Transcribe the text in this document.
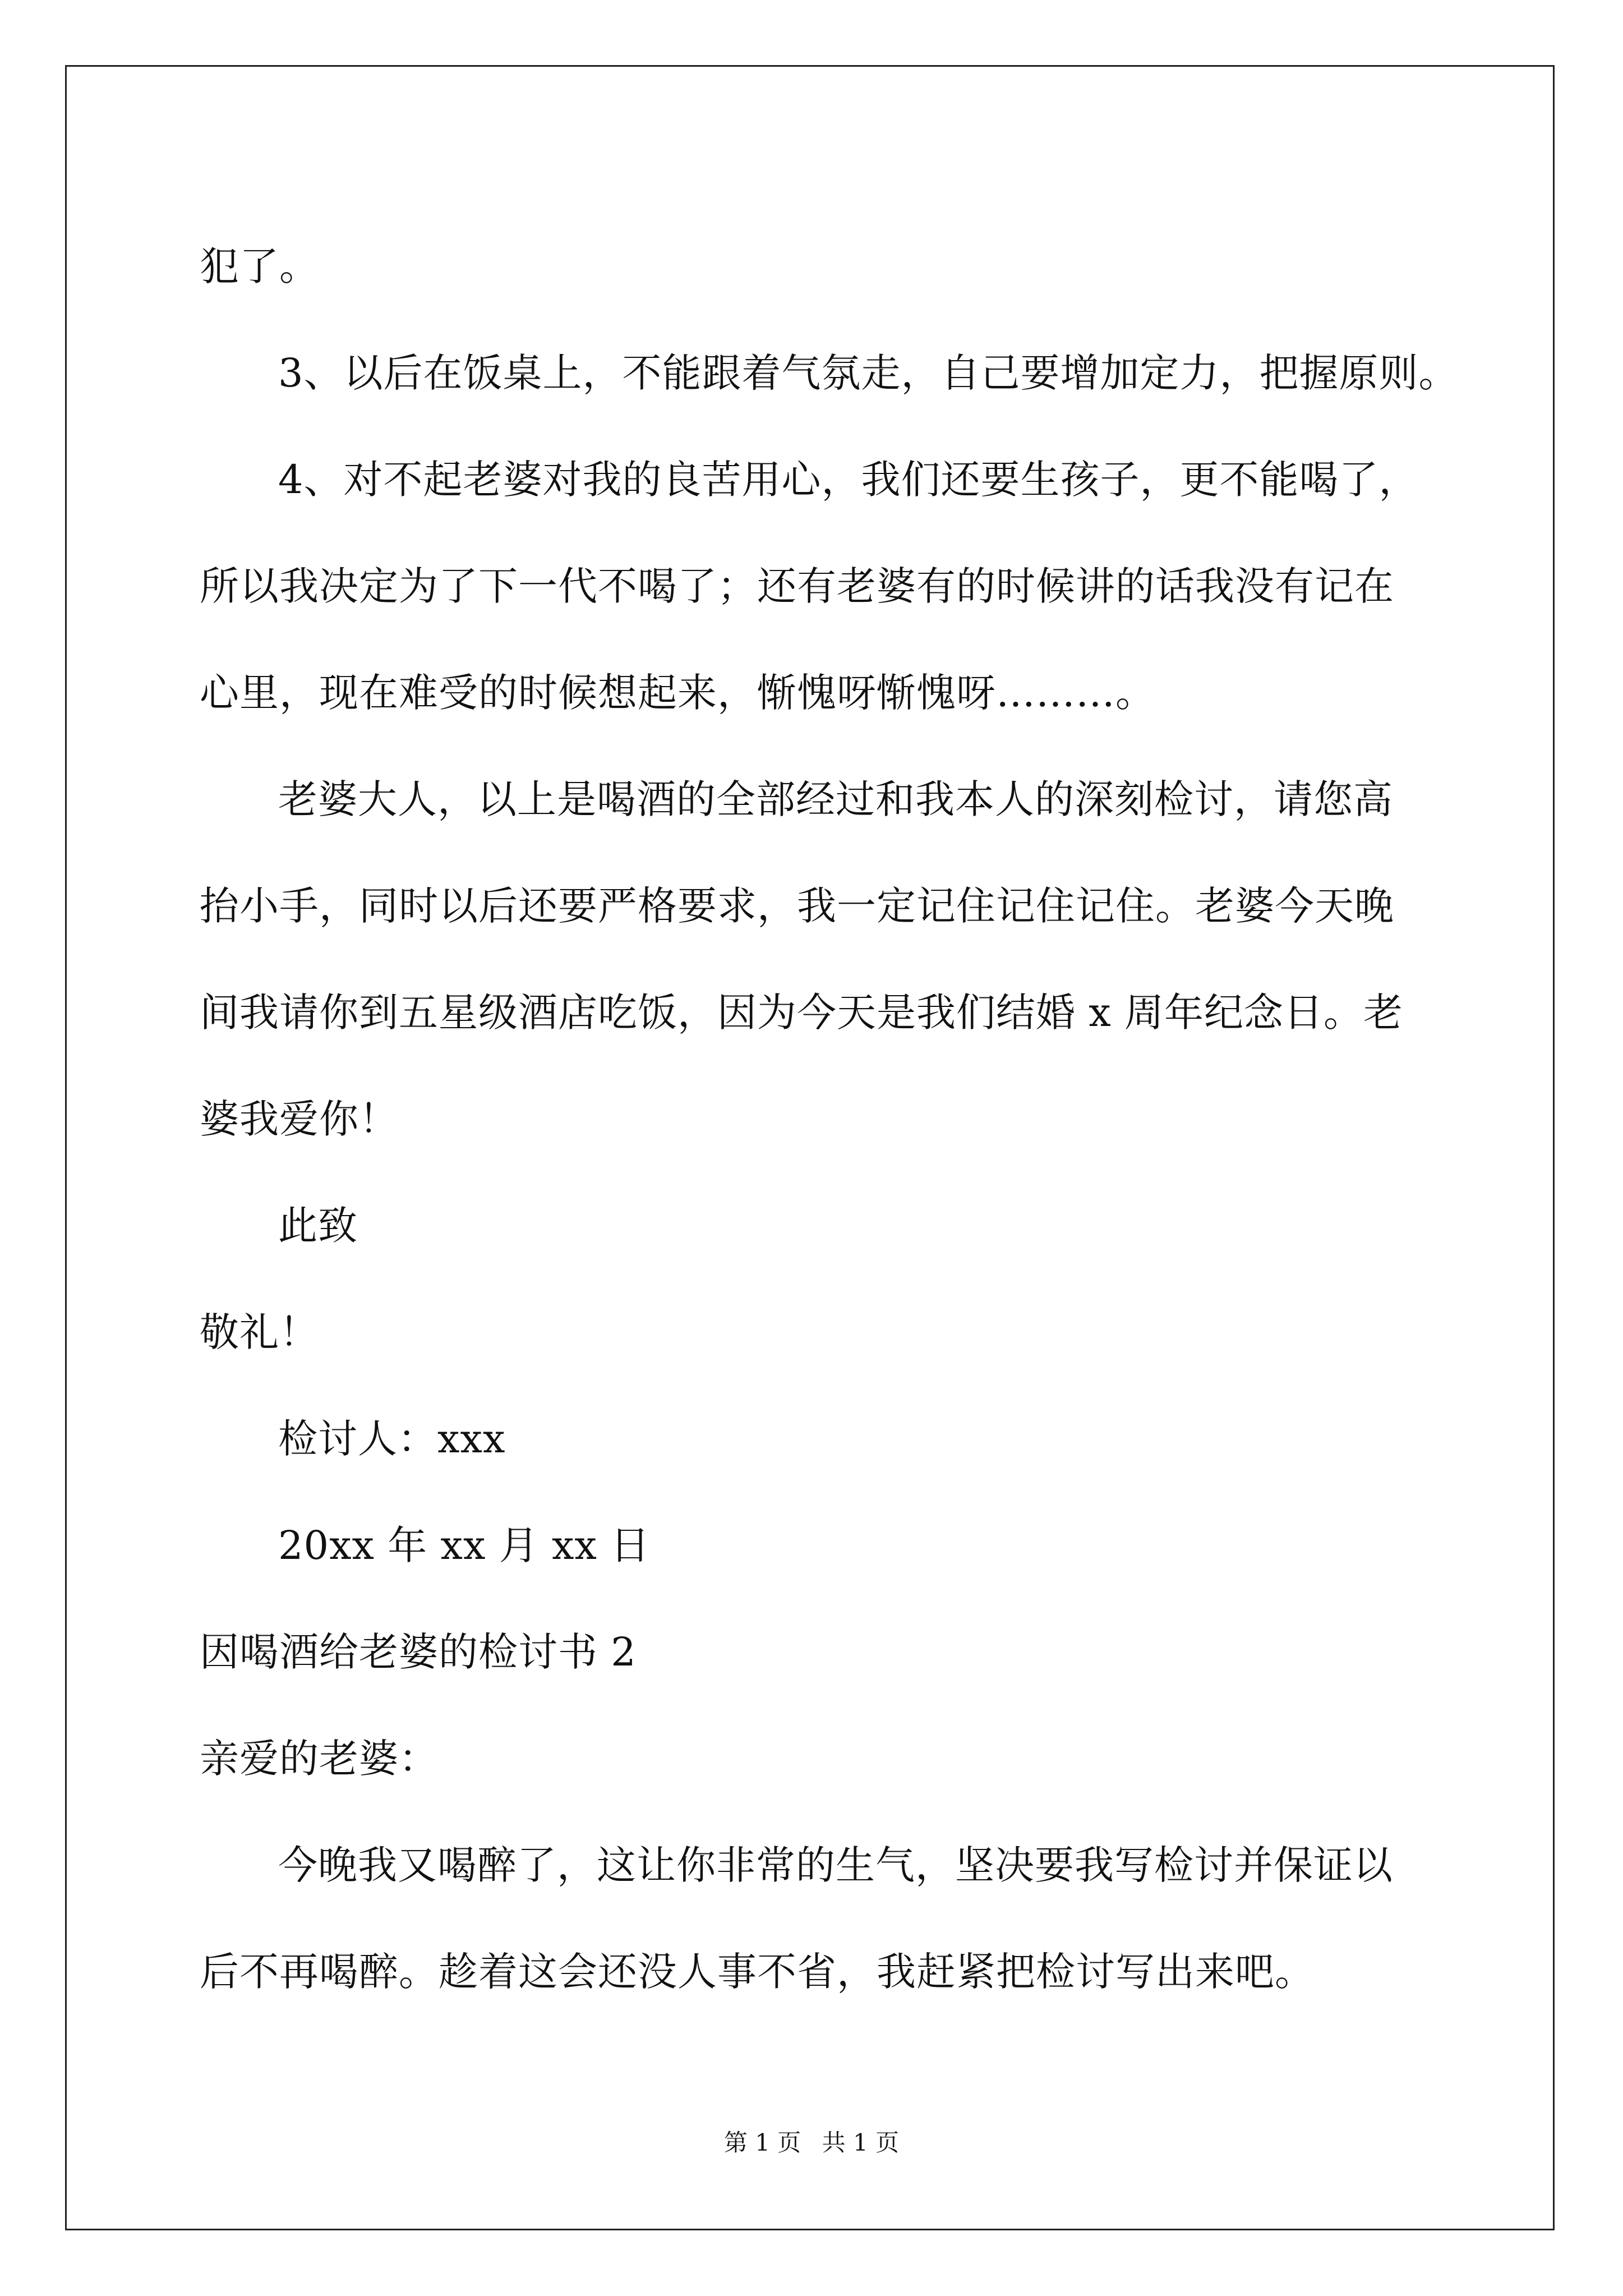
犯了。
3、以后在饭桌上，不能跟着气氛走，自己要增加定力，把握原则。
4、对不起老婆对我的良苦用心，我们还要生孩子，更不能喝了，
所以我决定为了下一代不喝了；还有老婆有的时候讲的话我没有记在
心里，现在难受的时候想起来，惭愧呀惭愧呀………。
老婆大人，以上是喝酒的全部经过和我本人的深刻检讨，请您高
抬小手，同时以后还要严格要求，我一定记住记住记住。老婆今天晚
间我请你到五星级酒店吃饭，因为今天是我们结婚 x 周年纪念日。老
婆我爱你！
此致
敬礼！
检讨人：xxx
20xx 年 xx 月 xx 日
因喝酒给老婆的检讨书 2
亲爱的老婆：
今晚我又喝醉了，这让你非常的生气，坚决要我写检讨并保证以
后不再喝醉。趁着这会还没人事不省，我赶紧把检讨写出来吧。
第 1 页 共 1 页
